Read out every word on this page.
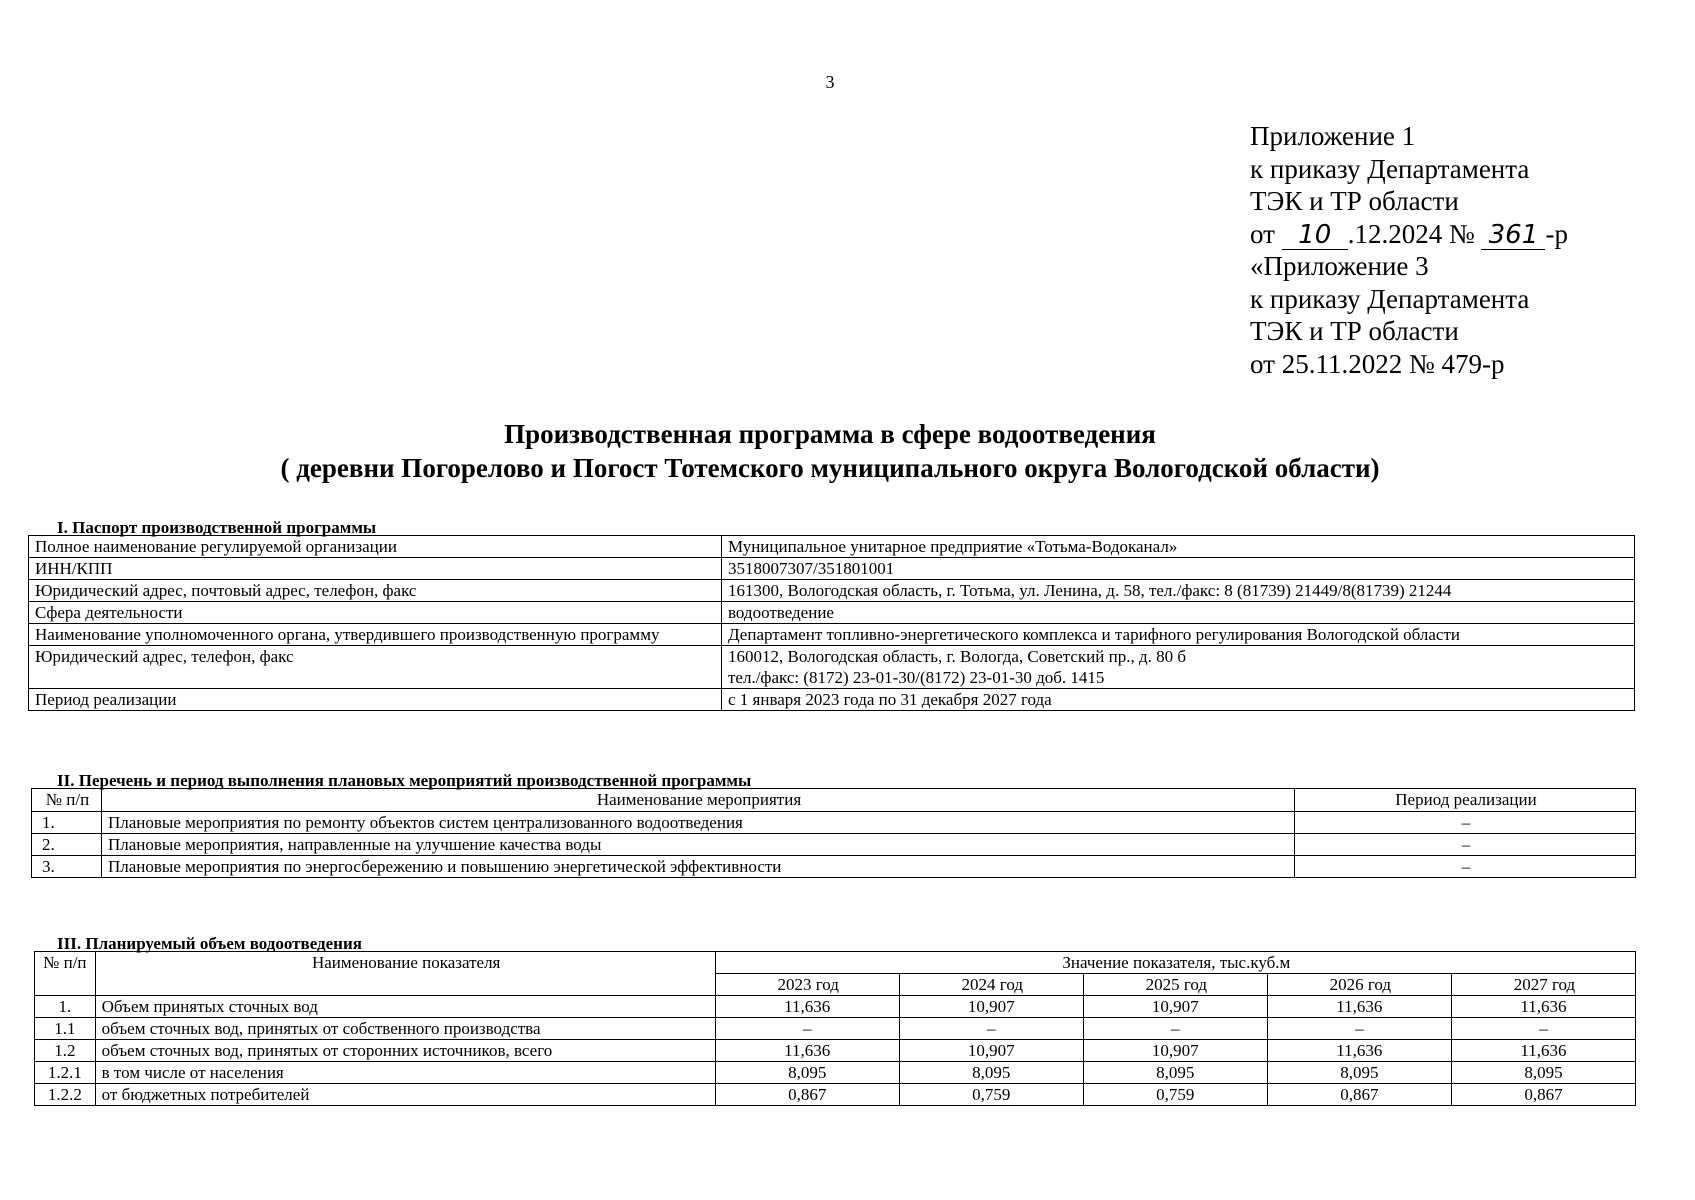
3
Приложение 1
к приказу Департамента
ТЭК и ТР области
от 10 .12.2024 № 361 -р
«Приложение 3
к приказу Департамента
ТЭК и ТР области
от 25.11.2022 № 479-р
Производственная программа в сфере водоотведения
( деревни Погорелово и Погост Тотемского муниципального округа Вологодской области)
I. Паспорт производственной программы
Полное наименование регулируемой организации	Муниципальное унитарное предприятие «Тотьма-Водоканал»

ИНН/КПП	3518007307/351801001

Юридический адрес, почтовый адрес, телефон, факс	161300, Вологодская область, г. Тотьма, ул. Ленина, д. 58, тел./факс: 8 (81739) 21449/8(81739) 21244

Сфера деятельности	водоотведение

Наименование уполномоченного органа, утвердившего производственную программу	Департамент топливно-энергетического комплекса и тарифного регулирования Вологодской области

Юридический адрес, телефон, факс	160012, Вологодская область, г. Вологда, Советский пр., д. 80 б
тел./факс: (8172) 23-01-30/(8172) 23-01-30 доб. 1415

Период реализации	с 1 января 2023 года по 31 декабря 2027 года
II. Перечень и период выполнения плановых мероприятий производственной программы
№ п/п	Наименование мероприятия	Период реализации
1.	Плановые мероприятия по ремонту объектов систем централизованного водоотведения	–
2.	Плановые мероприятия, направленные на улучшение качества воды	–
3.	Плановые мероприятия по энергосбережению и повышению энергетической эффективности	–
III. Планируемый объем водоотведения
№ п/п	Наименование показателя	Значение показателя, тыс.куб.м				
		2023 год	2024 год	2025 год	2026 год	2027 год
1.	Объем принятых сточных вод	11,636	10,907	10,907	11,636	11,636
1.1	объем сточных вод, принятых от собственного производства	–	–	–	–	–
1.2	объем сточных вод, принятых от сторонних источников, всего	11,636	10,907	10,907	11,636	11,636
1.2.1	в том числе от населения	8,095	8,095	8,095	8,095	8,095
1.2.2	от бюджетных потребителей	0,867	0,759	0,759	0,867	0,867
